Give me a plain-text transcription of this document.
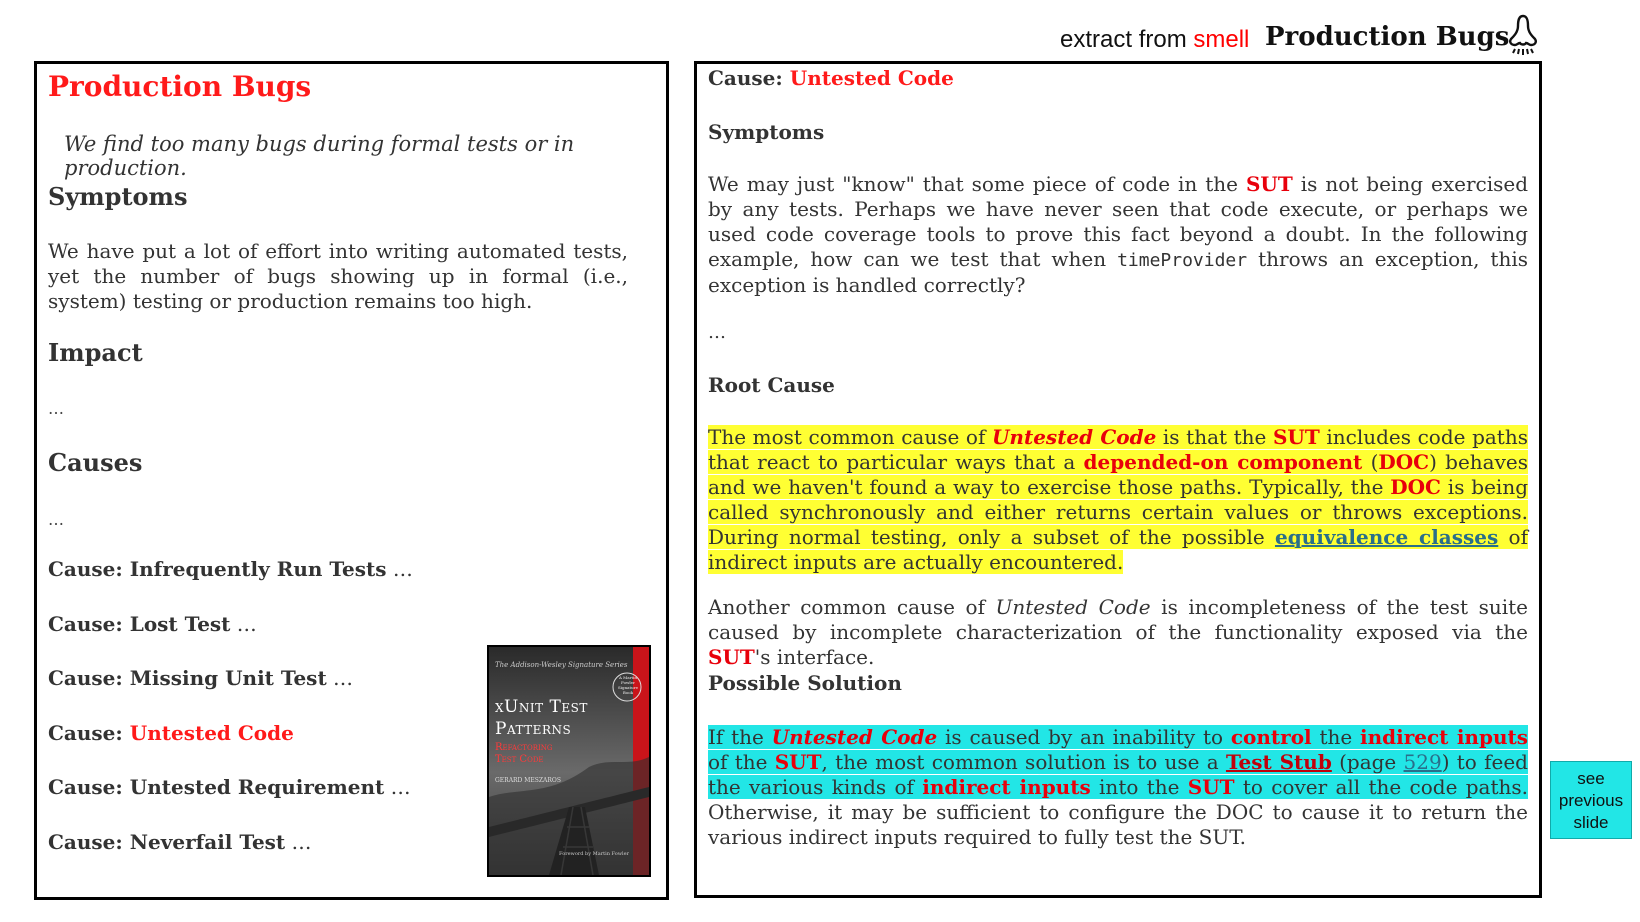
extract from smell Production Bugs
Production Bugs
We find too many bugs during formal tests or in production.
Symptoms
We have put a lot of effort into writing automated tests, yet the number of bugs showing up in formal (i.e., system) testing or production remains too high.
Impact
…
Causes
…
Cause: Infrequently Run Tests …
Cause: Lost Test …
Cause: Missing Unit Test …
Cause: Untested Code
Cause: Untested Requirement …
Cause: Neverfail Test …
The Addison-Wesley Signature Series
xUnit Test
Patterns
Refactoring
Test Code
GERARD MESZAROS
Foreword by Martin Fowler
A Martin Fowler Signature Book
Cause: Untested Code
Symptoms
We may just "know" that some piece of code in the SUT is not being exercised by any tests. Perhaps we have never seen that code execute, or perhaps we used code coverage tools to prove this fact beyond a doubt. In the following example, how can we test that when timeProvider throws an exception, this exception is handled correctly?
…
Root Cause
The most common cause of Untested Code is that the SUT includes code paths that react to particular ways that a depended-on component (DOC) behaves and we haven't found a way to exercise those paths. Typically, the DOC is being called synchronously and either returns certain values or throws exceptions. During normal testing, only a subset of the possible equivalence classes of indirect inputs are actually encountered.
Another common cause of Untested Code is incompleteness of the test suite caused by incomplete characterization of the functionality exposed via the SUT's interface.
Possible Solution
If the Untested Code is caused by an inability to control the indirect inputs of the SUT, the most common solution is to use a Test Stub (page 529) to feed the various kinds of indirect inputs into the SUT to cover all the code paths. Otherwise, it may be sufficient to configure the DOC to cause it to return the various indirect inputs required to fully test the SUT.
see previous slide
